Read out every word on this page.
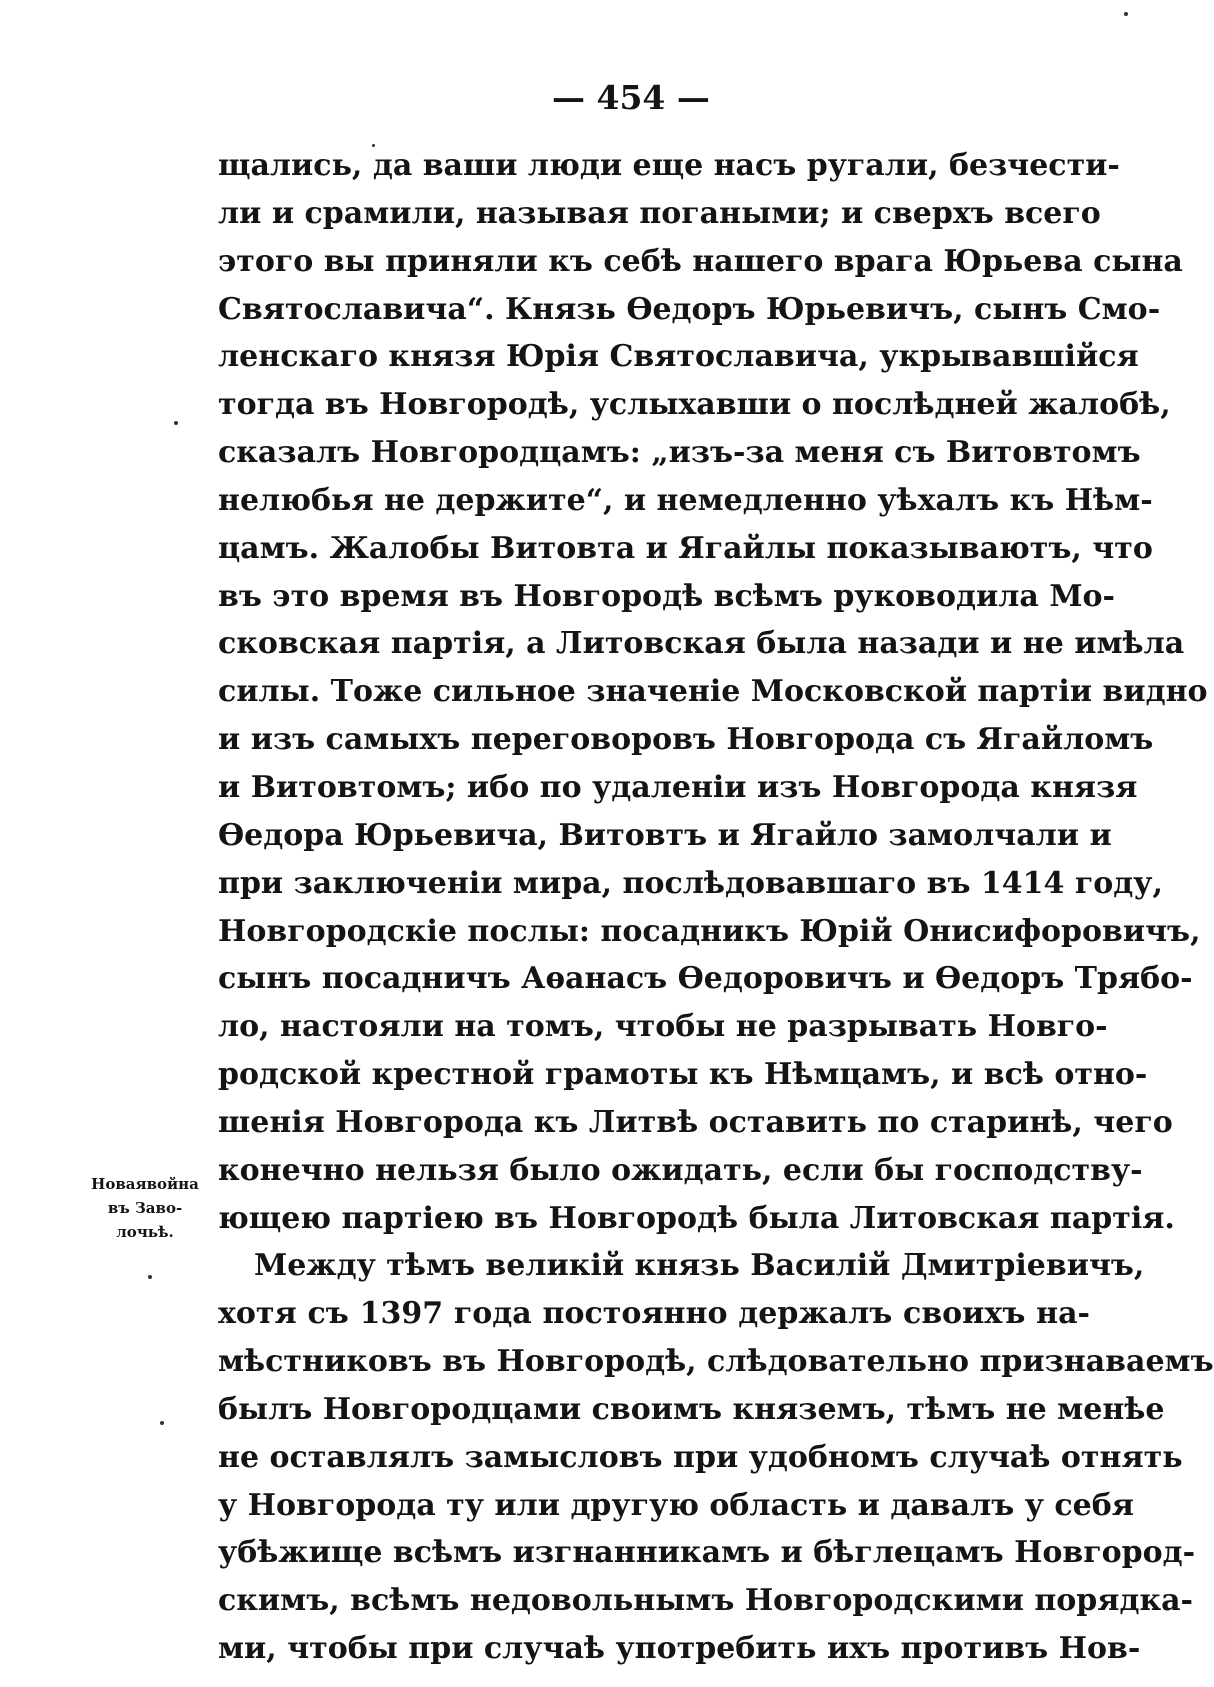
— 454 —
щались, да ваши люди еще насъ ругали, безчести-
ли и срамили, называя погаными; и сверхъ всего
этого вы приняли къ себѣ нашего врага Юрьева сына
Святославича“. Князь Ѳедоръ Юрьевичъ, сынъ Смо-
ленскаго князя Юрія Святославича, укрывавшійся
тогда въ Новгородѣ, услыхавши о послѣдней жалобѣ,
сказалъ Новгородцамъ: „изъ-за меня съ Витовтомъ
нелюбья не держите“, и немедленно уѣхалъ къ Нѣм-
цамъ. Жалобы Витовта и Ягайлы показываютъ, что
въ это время въ Новгородѣ всѣмъ руководила Мо-
сковская партія, а Литовская была назади и не имѣла
силы. Тоже сильное значеніе Московской партіи видно
и изъ самыхъ переговоровъ Новгорода съ Ягайломъ
и Витовтомъ; ибо по удаленіи изъ Новгорода князя
Ѳедора Юрьевича, Витовтъ и Ягайло замолчали и
при заключеніи мира, послѣдовавшаго въ 1414 году,
Новгородскіе послы: посадникъ Юрій Онисифоровичъ,
сынъ посадничъ Аѳанасъ Ѳедоровичъ и Ѳедоръ Трябо-
ло, настояли на томъ, чтобы не разрывать Новго-
родской крестной грамоты къ Нѣмцамъ, и всѣ отно-
шенія Новгорода къ Литвѣ оставить по старинѣ, чего
конечно нельзя было ожидать, если бы господству-
ющею партіею въ Новгородѣ была Литовская партія.
Между тѣмъ великій князь Василій Дмитріевичъ,
хотя съ 1397 года постоянно держалъ своихъ на-
мѣстниковъ въ Новгородѣ, слѣдовательно признаваемъ
былъ Новгородцами своимъ княземъ, тѣмъ не менѣе
не оставлялъ замысловъ при удобномъ случаѣ отнять
у Новгорода ту или другую область и давалъ у себя
убѣжище всѣмъ изгнанникамъ и бѣглецамъ Новгород-
скимъ, всѣмъ недовольнымъ Новгородскими порядка-
ми, чтобы при случаѣ употребить ихъ противъ Нов-
Новаявойна
въ Заво-
лочьѣ.
